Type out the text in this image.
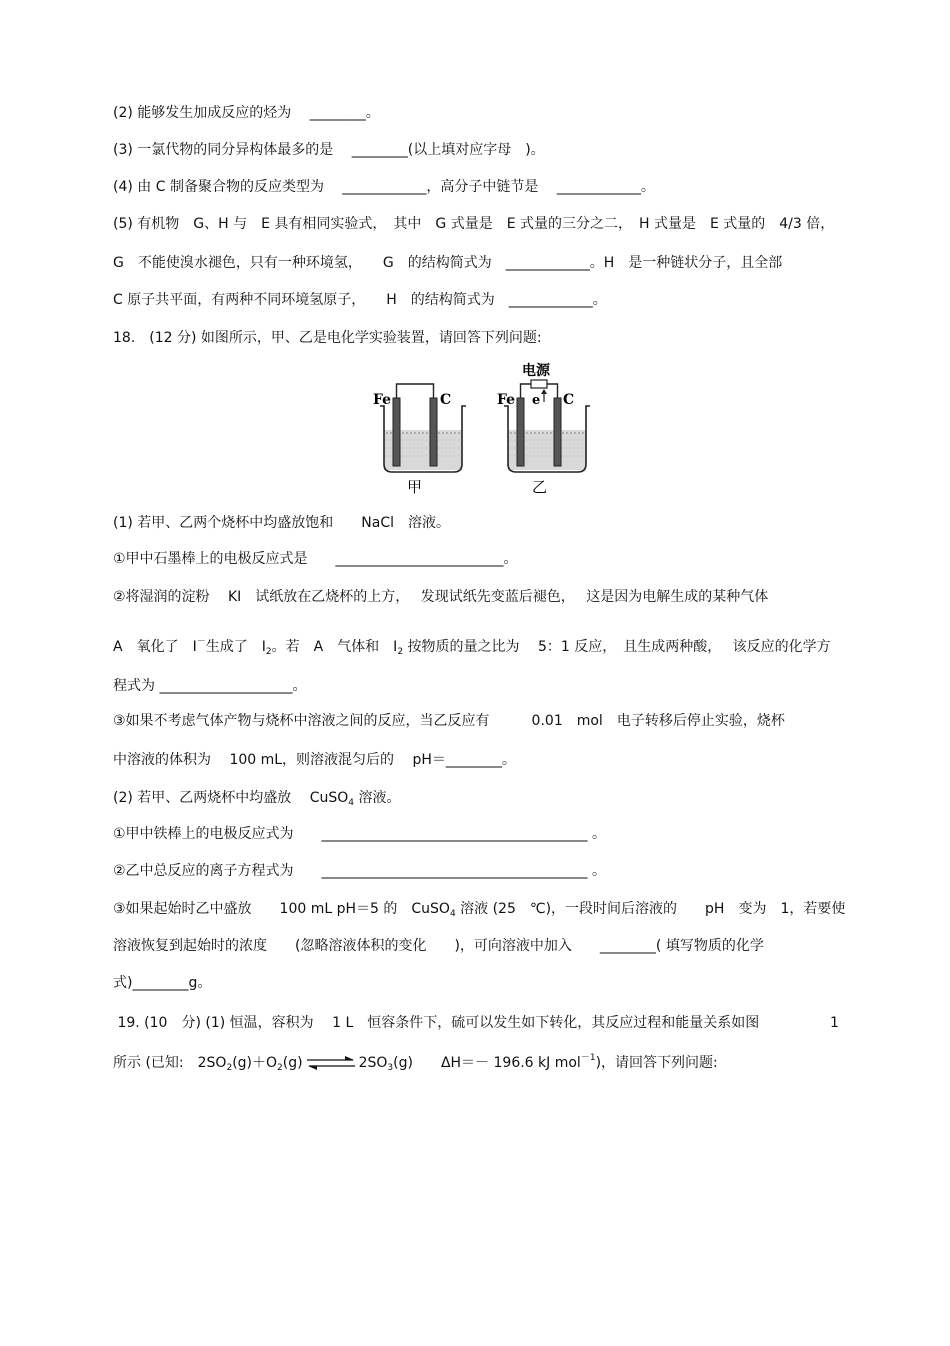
(2) 能够发生加成反应的烃为　 ________。
(3) 一氯代物的同分异构体最多的是　 ________(以上填对应字母　)。
(4) 由 C 制备聚合物的反应类型为　 ____________，高分子中链节是　 ____________。
(5) 有机物　G、H 与　E 具有相同实验式，　其中　G 式量是　E 式量的三分之二，　H 式量是　E 式量的　4/3 倍，
G　不能使溴水褪色，只有一种环境氢，　　G　的结构简式为　____________。H　是一种链状分子，且全部
C 原子共平面，有两种不同环境氢原子，　　H　的结构简式为　____________。
18.　(12 分) 如图所示，甲、乙是电化学实验装置，请回答下列问题:
Fe	C
甲
电源
Fe e C
乙
(1) 若甲、乙两个烧杯中均盛放饱和　　NaCl　溶液。
①甲中石墨棒上的电极反应式是　　________________________。
②将湿润的淀粉　 KI　试纸放在乙烧杯的上方，　 发现试纸先变蓝后褪色，　 这是因为电解生成的某种气体
A　氧化了　I－生成了　$I_2$。若　A　气体和　$I_2$ 按物质的量之比为　 5：1 反应，　且生成两种酸，　 该反应的化学方
程式为 ___________________。
③如果不考虑气体产物与烧杯中溶液之间的反应，当乙反应有　　　0.01　mol　电子转移后停止实验，烧杯
中溶液的体积为　 100 mL，则溶液混匀后的　 pH＝________。
(2) 若甲、乙两烧杯中均盛放　 CuSO$_4$ 溶液。
①甲中铁棒上的电极反应式为　　______________________________________ 。
②乙中总反应的离子方程式为　　______________________________________ 。
③如果起始时乙中盛放　　100 mL pH＝5 的　CuSO$_4$ 溶液 (25　℃)，一段时间后溶液的　　pH　变为　1，若要使
溶液恢复到起始时的浓度　　(忽略溶液体积的变化　　)，可向溶液中加入　　________( 填写物质的化学
式)________g。
19. (10　分) (1) 恒温，容积为　 1 L　恒容条件下，硫可以发生如下转化，其反应过程和能量关系如图	1
所示 (已知:　$2SO_2(g)+O_2(g)$ ⇌ $2SO_3(g)$　　ΔH＝－ 196.6 kJ mol$^{-1}$)，请回答下列问题:
